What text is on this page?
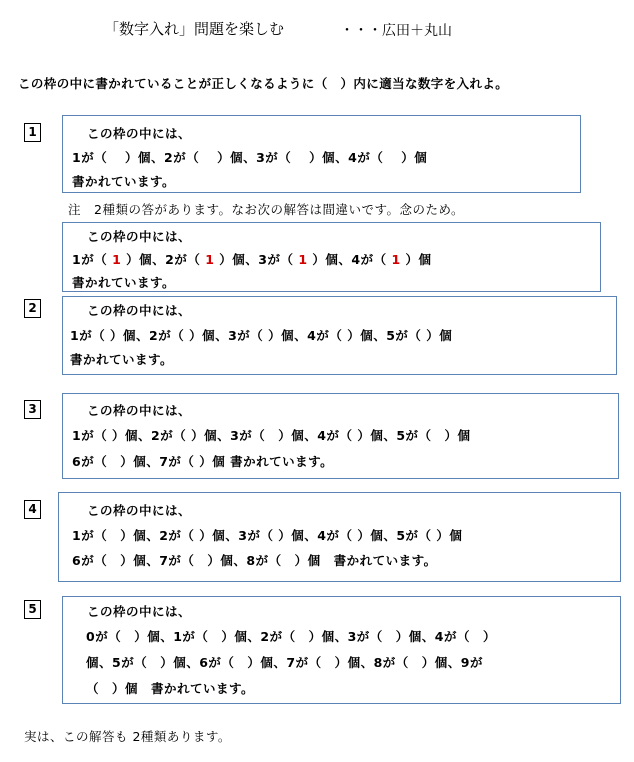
「数字入れ」問題を楽しむ	・・・広田＋丸山
この枠の中に書かれていることが正しくなるように（　）内に適当な数字を入れよ。
1	この枠の中には、
1が（　 ）個、2が（　 ）個、3が（　 ）個、4が（　 ）個
書かれています。
注　2種類の答があります。なお次の解答は間違いです。念のため。
この枠の中には、
1が（ 1 ）個、2が（ 1 ）個、3が（ 1 ）個、4が（ 1 ）個
書かれています。
2	この枠の中には、
1が（ ）個、2が（ ）個、3が（ ）個、4が（ ）個、5が（ ）個
書かれています。
3	この枠の中には、
1が（ ）個、2が（ ）個、3が（　）個、4が（ ）個、5が（　）個
6が（　）個、7が（ ）個 書かれています。
4	この枠の中には、
1が（　）個、2が（ ）個、3が（ ）個、4が（ ）個、5が（ ）個
6が（　）個、7が（　）個、8が（　）個　書かれています。
5	この枠の中には、
0が（　）個、1が（　）個、2が（　）個、3が（　）個、4が（　）
個、5が（　）個、6が（　）個、7が（　）個、8が（　）個、9が
（　）個　書かれています。
実は、この解答も 2種類あります。
